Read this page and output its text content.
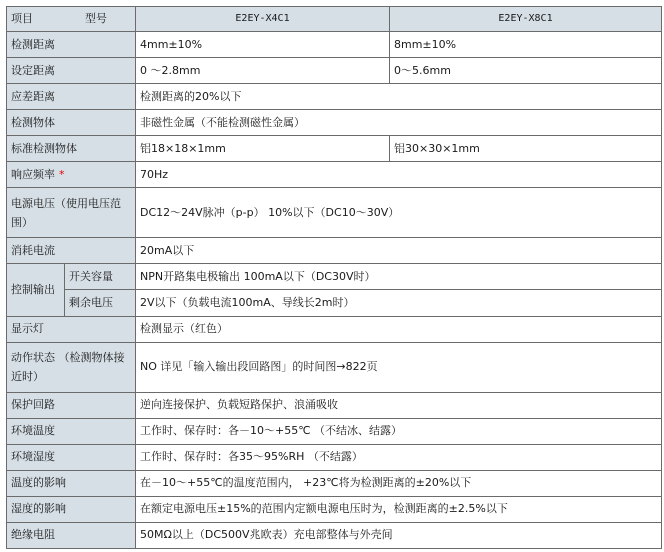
项目 型号		E2EY-X4C1	E2EY-X8C1
检测距离		4mm±10%	8mm±10%
设定距离		0 ～2.8mm	0～5.6mm
应差距离		检测距离的20%以下	
检测物体		非磁性金属（不能检测磁性金属）	
标准检测物体		铝18×18×1mm	铝30×30×1mm
响应频率 *		70Hz	
电源电压（使用电压范围）		DC12～24V脉冲（p-p） 10%以下（DC10～30V）	
消耗电流		20mA以下	
控制输出	开关容量	NPN开路集电极输出 100mA以下（DC30V时）	
	剩余电压	2V以下（负载电流100mA、导线长2m时）	
显示灯		检测显示（红色）	
动作状态 （检测物体接近时）		NO 详见「输入输出段回路图」的时间图→822页	
保护回路		逆向连接保护、负载短路保护、浪涌吸收	
环境温度		工作时、保存时：各－10～+55℃ （不结冰、结露）	
环境湿度		工作时、保存时：各35～95%RH （不结露）	
温度的影响		在－10～+55℃的温度范围内， +23℃将为检测距离的±20%以下	
湿度的影响		在额定电源电压±15%的范围内定额电源电压时为，检测距离的±2.5%以下	
绝缘电阻		50MΩ以上（DC500V兆欧表）充电部整体与外壳间	
